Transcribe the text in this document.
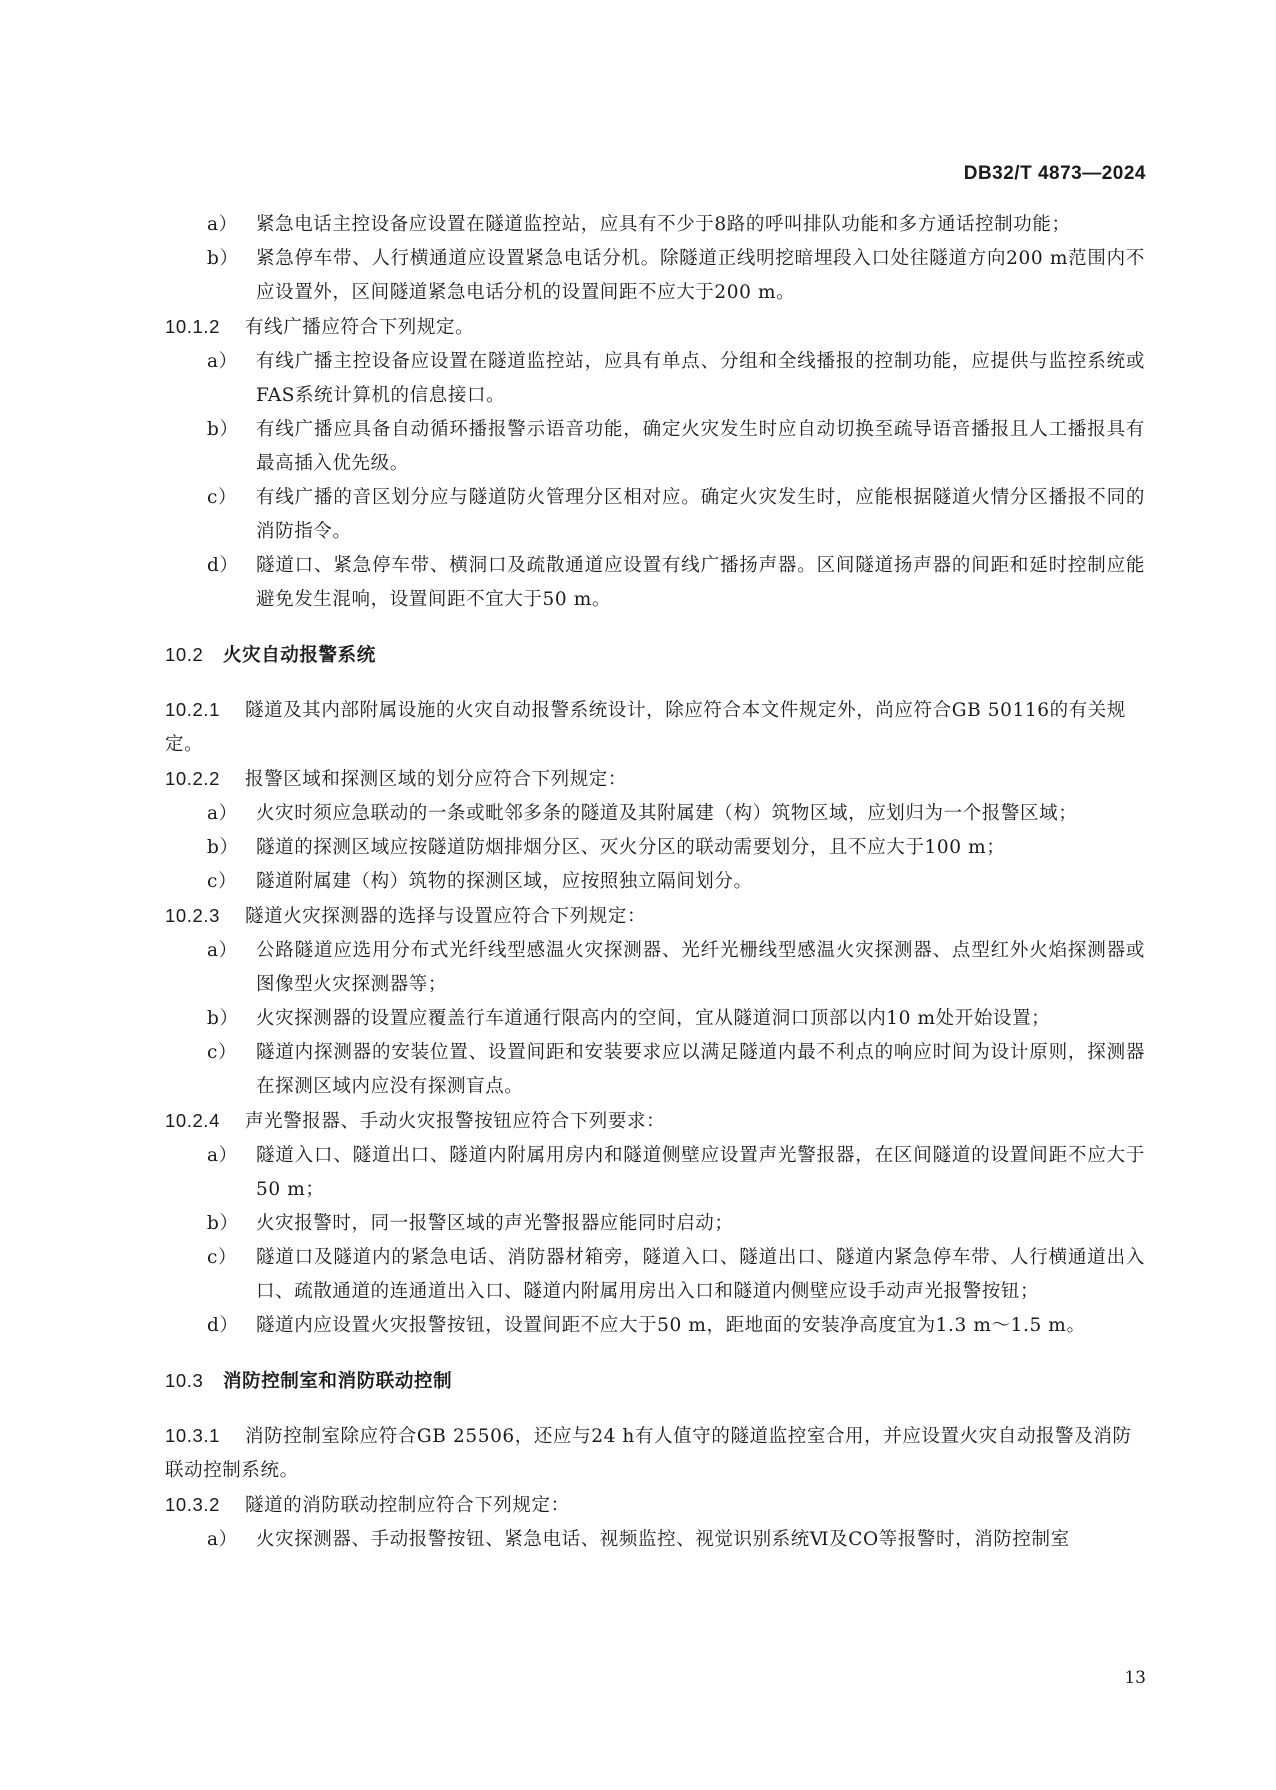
DB32/T 4873—2024
a） 紧急电话主控设备应设置在隧道监控站，应具有不少于8路的呼叫排队功能和多方通话控制功能；
b） 紧急停车带、人行横通道应设置紧急电话分机。除隧道正线明挖暗埋段入口处往隧道方向200 m范围内不应设置外，区间隧道紧急电话分机的设置间距不应大于200 m。
10.1.2 有线广播应符合下列规定。
a） 有线广播主控设备应设置在隧道监控站，应具有单点、分组和全线播报的控制功能，应提供与监控系统或FAS系统计算机的信息接口。
b） 有线广播应具备自动循环播报警示语音功能，确定火灾发生时应自动切换至疏导语音播报且人工播报具有最高插入优先级。
c）	有线广播的音区划分应与隧道防火管理分区相对应。确定火灾发生时，应能根据隧道火情分区播报不同的消防指令。
d） 隧道口、紧急停车带、横洞口及疏散通道应设置有线广播扬声器。区间隧道扬声器的间距和延时控制应能避免发生混响，设置间距不宜大于50 m。
10.2 火灾自动报警系统
10.2.1 隧道及其内部附属设施的火灾自动报警系统设计，除应符合本文件规定外，尚应符合GB 50116的有关规定。
10.2.2 报警区域和探测区域的划分应符合下列规定：
a） 火灾时须应急联动的一条或毗邻多条的隧道及其附属建（构）筑物区域，应划归为一个报警区域；
b） 隧道的探测区域应按隧道防烟排烟分区、灭火分区的联动需要划分，且不应大于100 m；
c）	隧道附属建（构）筑物的探测区域，应按照独立隔间划分。
10.2.3 隧道火灾探测器的选择与设置应符合下列规定：
a） 公路隧道应选用分布式光纤线型感温火灾探测器、光纤光栅线型感温火灾探测器、点型红外火焰探测器或图像型火灾探测器等；
b） 火灾探测器的设置应覆盖行车道通行限高内的空间，宜从隧道洞口顶部以内10 m处开始设置；
c）	隧道内探测器的安装位置、设置间距和安装要求应以满足隧道内最不利点的响应时间为设计原则，探测器在探测区域内应没有探测盲点。
10.2.4 声光警报器、手动火灾报警按钮应符合下列要求：
a） 隧道入口、隧道出口、隧道内附属用房内和隧道侧壁应设置声光警报器，在区间隧道的设置间距不应大于50 m；
b） 火灾报警时，同一报警区域的声光警报器应能同时启动；
c）	隧道口及隧道内的紧急电话、消防器材箱旁，隧道入口、隧道出口、隧道内紧急停车带、人行横通道出入口、疏散通道的连通道出入口、隧道内附属用房出入口和隧道内侧壁应设手动声光报警按钮；
d） 隧道内应设置火灾报警按钮，设置间距不应大于50 m，距地面的安装净高度宜为1.3 m～1.5 m。
10.3 消防控制室和消防联动控制
10.3.1 消防控制室除应符合GB 25506，还应与24 h有人值守的隧道监控室合用，并应设置火灾自动报警及消防联动控制系统。
10.3.2 隧道的消防联动控制应符合下列规定：
a） 火灾探测器、手动报警按钮、紧急电话、视频监控、视觉识别系统Ⅵ及CO等报警时，消防控制室
13
